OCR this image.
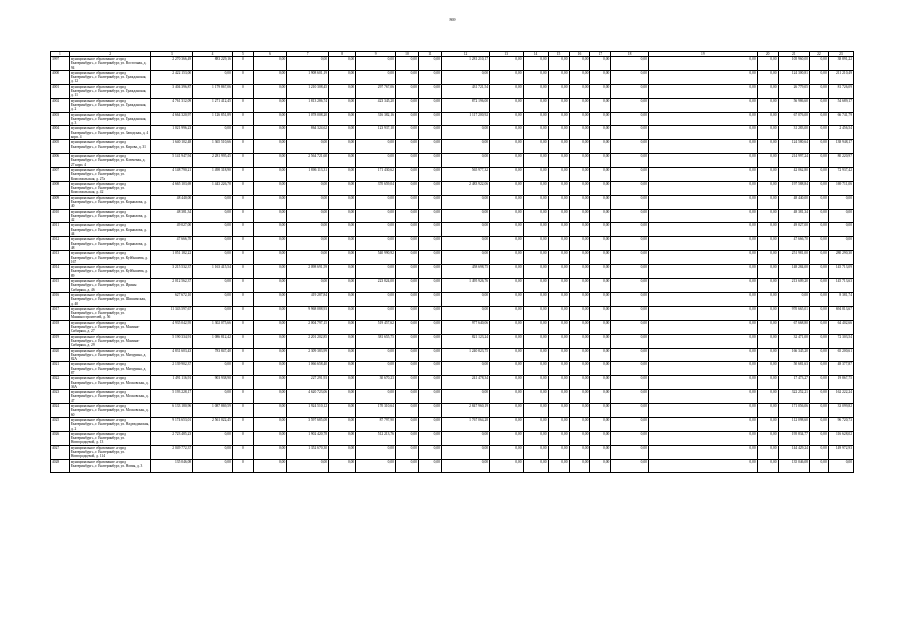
869
1	2	3	4	5	6	7	8	9	10	11	12	13	14	15	16	17	18	19	20	21	22	23
3997	муниципальное образование «город Екатеринбург», г. Екатеринбург, ул. Восточная, д. 94	2 270 366,49	883 229,16	0	0,00	0,00	0,00	0,00	0,00	0,00	1 281 210,17	0,00	0,00	0,00	0,00	0,00	0,00	0,00	0,00	105 960,00	0,00	38 891,22
4000	муниципальное образование «город Екатеринбург», г. Екатеринбург, ул. Гражданская, д. 12	2 422 153,00	0,00	0	0,00	1 908 601,19	0,00	0,00	0,00	0,00	0,00	0,00	0,00	0,00	0,00	0,00	0,00	0,00	0,00	124 300,81	0,00	211 210,49
4001	муниципальное образование «город Екатеринбург», г. Екатеринбург, ул. Гражданская, д. 11	3 404 396,87	1 179 867,06	0	0,00	1 210 308,45	0,00	297 767,06	0,00	0,00	431 721,54	0,00	0,00	0,00	0,00	0,00	0,00	0,00	0,00	26 779,05	0,00	81 726,09
4002	муниципальное образование «город Екатеринбург», г. Екатеринбург, ул. Гражданская, д. 2	4 761 312,09	1 271 412,45	0	0,00	1 813 286,74	0,00	423 345,20	0,00	0,00	872 196,00	0,00	0,00	0,00	0,00	0,00	0,00	0,00	0,00	56 986,60	0,00	54 689,17
4003	муниципальное образование «город Екатеринбург», г. Екатеринбург, ул. Гражданская, д. 3	4 664 320,97	1 126 851,89	0	0,00	1 078 008,20	0,00	316 382,16	0,00	0,00	1 117 200,92	0,00	0,00	0,00	0,00	0,00	0,00	0,00	0,00	67 076,00	0,00	66 741,79
4004	муниципальное образование «город Екатеринбург», г. Екатеринбург, ул. Заводская, д. 4 корп. 4	1 021 996,23	0,00	0	0,00	864 324,62	0,00	123 937,10	0,00	0,00	0,00	0,00	0,00	0,00	0,00	0,00	0,00	0,00	0,00	31 283,00	0,00	2 456,54
4005	муниципальное образование «город Екатеринбург», г. Екатеринбург, ул. Кирова, д. 31	1 640 102,48	1 365 510,66	0	0,00	0,00	0,00	0,00	0,00	0,00	0,00	0,00	0,00	0,00	0,00	0,00	0,00	0,00	0,00	124 580,64	0,00	138 948,17
4006	муниципальное образование «город Екатеринбург», г. Екатеринбург, ул. Ключевая, д. 27 корп. 4	5 141 947,94	2 281 995,45	0	0,00	2 564 721,60	0,00	0,00	0,00	0,00	0,00	0,00	0,00	0,00	0,00	0,00	0,00	0,00	0,00	214 997,24	0,00	80 220,97
4007	муниципальное образование «город Екатеринбург», г. Екатеринбург, ул. Комсомольская, д. 27а	4 148 790,21	1 498 318,90	0	0,00	1 806 113,31	0,00	171 430,62	0,00	0,00	565 977,32	0,00	0,00	0,00	0,00	0,00	0,00	0,00	0,00	42 062,80	0,00	72 937,42
4008	муниципальное образование «город Екатеринбург», г. Екатеринбург, ул. Комсомольская, д. 42	4 665 103,69	1 443 226,78	0	0,00	0,00	0,00	370 659,04	0,00	0,00	2 483 922,06	0,00	0,00	0,00	0,00	0,00	0,00	0,00	0,00	197 588,84	0,00	169 711,06
4009	муниципальное образование «город Екатеринбург», г. Екатеринбург, ул. Корнилова, д. 40	48 440,00	0,00	0	0,00	0,00	0,00	0,00	0,00	0,00	0,00	0,00	0,00	0,00	0,00	0,00	0,00	0,00	0,00	48 440,00	0,00	0,00
4010	муниципальное образование «город Екатеринбург», г. Екатеринбург, ул. Корнилова, д. 42	48 381,34	0,00	0	0,00	0,00	0,00	0,00	0,00	0,00	0,00	0,00	0,00	0,00	0,00	0,00	0,00	0,00	0,00	48 381,34	0,00	0,00
4011	муниципальное образование «город Екатеринбург», г. Екатеринбург, ул. Корнилова, д. 44	49 027,00	0,00	0	0,00	0,00	0,00	0,00	0,00	0,00	0,00	0,00	0,00	0,00	0,00	0,00	0,00	0,00	0,00	49 027,00	0,00	0,00
4012	муниципальное образование «город Екатеринбург», г. Екатеринбург, ул. Корнилова, д. 48	47 666,70	0,00	0	0,00	0,00	0,00	0,00	0,00	0,00	0,00	0,00	0,00	0,00	0,00	0,00	0,00	0,00	0,00	47 666,70	0,00	0,00
4013	муниципальное образование «город Екатеринбург», г. Екатеринбург, ул. Куйбышева, д. 167	1 051 182,22	0,00	0	0,00	0,00	0,00	540 990,92	0,00	0,00	0,00	0,00	0,00	0,00	0,00	0,00	0,00	0,00	0,00	251 981,00	0,00	280 290,30
4014	муниципальное образование «город Екатеринбург», г. Екатеринбург, ул. Куйбышева, д. 89	3 215 532,37	1 163 415,54	0	0,00	2 098 691,59	0,00	0,00	0,00	0,00	458 698,75	0,00	0,00	0,00	0,00	0,00	0,00	0,00	0,00	148 284,00	0,00	145 713,09
4015	муниципальное образование «город Екатеринбург», г. Екатеринбург, ул. Ирины Сибиряка, д. 46	2 012 562,37	0,00	0	0,00	0,00	0,00	223 824,00	0,00	0,00	1 495 926,76	0,00	0,00	0,00	0,00	0,00	0,00	0,00	0,00	213 609,20	0,00	145 713,63
4016	муниципальное образование «город Екатеринбург», г. Екатеринбург, ул. Шишимская, д. 40	627 672,10	0,00	0	0,00	419 287,84	0,00	0,00	0,00	0,00	0,00	0,00	0,00	0,00	0,00	0,00	0,00	0,00	0,00	0,00	0,00	8 381,74
4017	муниципальное образование «город Екатеринбург», г. Екатеринбург, ул. Машиностроителей, д. 56	11 343 597,67	0,00	0	0,00	9 968 088,93	0,00	0,00	0,00	0,00	0,00	0,00	0,00	0,00	0,00	0,00	0,00	0,00	0,00	970 665,01	0,00	694 813,67
4018	муниципальное образование «город Екатеринбург», г. Екатеринбург, ул. Мамина-Сибиряка, д. 27	4 935 042,95	1 302 075,66	0	0,00	2 004 797,15	0,00	519 457,62	0,00	0,00	977 640,06	0,00	0,00	0,00	0,00	0,00	0,00	0,00	0,00	67 668,80	0,00	64 402,66
4019	муниципальное образование «город Екатеринбург», г. Екатеринбург, ул. Мамина-Сибиряка, д. 29	5 190 334,91	1 086 812,42	0	0,00	2 201 202,85	0,00	381 655,75	0,00	0,00	821 123,24	0,00	0,00	0,00	0,00	0,00	0,00	0,00	0,00	32 471,00	0,00	72 303,54
4020	муниципальное образование «город Екатеринбург», г. Екатеринбург, ул. Мичурина, д. 82А	4 831 603,43	783 847,40	0	0,00	2 309 383,99	0,00	0,00	0,00	0,00	1 240 823,75	0,00	0,00	0,00	0,00	0,00	0,00	0,00	0,00	166 345,20	0,00	65 200,61
4021	муниципальное образование «город Екатеринбург», г. Екатеринбург, ул. Мичурина, д. 87	2 139 902,37	0,00	0	0,00	1 066 658,40	0,00	0,00	0,00	0,00	0,00	0,00	0,00	0,00	0,00	0,00	0,00	0,00	0,00	50 681,63	0,00	48 377,87
4022	муниципальное образование «город Екатеринбург», г. Екатеринбург, ул. Московская, д. 36А	1 491 116,91	903 938,90	0	0,00	227 291,93	0,00	30 670,23	0,00	0,00	241 478,34	0,00	0,00	0,00	0,00	0,00	0,00	0,00	0,00	17 473,27	0,00	19 867,75
4023	муниципальное образование «город Екатеринбург», г. Екатеринбург, ул. Московская, д. 47	5 193 228,17	0,00	0	0,00	4 620 723,06	0,00	0,00	0,00	0,00	0,00	0,00	0,00	0,00	0,00	0,00	0,00	0,00	0,00	322 252,21	0,00	162 222,24
4024	муниципальное образование «город Екатеринбург», г. Екатеринбург, ул. Московская, д. 60	6 133 180,96	1 087 869,59	0	0,00	1 924 510,12	0,00	170 310,64	0,00	0,00	2 847 960,19	0,00	0,00	0,00	0,00	0,00	0,00	0,00	0,00	171 056,06	0,00	33 099,82
4025	муниципальное образование «город Екатеринбург», г. Екатеринбург, ул. Надеждинская, д. 2	9 174 653,01	2 561 022,45	0	0,00	3 597 685,08	0,00	87 797,90	0,00	0,00	1 767 064,28	0,00	0,00	0,00	0,00	0,00	0,00	0,00	0,00	112 098,60	0,00	96 720,73
4026	муниципальное образование «город Екатеринбург», г. Екатеринбург, ул. Новгородцевой, д. 13	2 723 485,23	0,00	0	0,00	1 902 420,78	0,00	512 213,76	0,00	0,00	0,00	0,00	0,00	0,00	0,00	0,00	0,00	0,00	0,00	195 834,77	0,00	116 628,02
4027	муниципальное образование «город Екатеринбург», г. Екатеринбург, ул. Новгородцевой, д. 114	2 049 772,37	0,00	0	0,00	1 352 670,30	0,00	0,00	0,00	0,00	0,00	0,00	0,00	0,00	0,00	0,00	0,00	0,00	0,00	144 429,24	0,00	149 972,93
4028	муниципальное образование «город Екатеринбург», г. Екатеринбург, ул. Новая, д. 3	135 046,08	0,00	0	0,00	0,00	0,00	0,00	0,00	0,00	0,00	0,00	0,00	0,00	0,00	0,00	0,00	0,00	0,00	135 046,08	0,00	0,00
